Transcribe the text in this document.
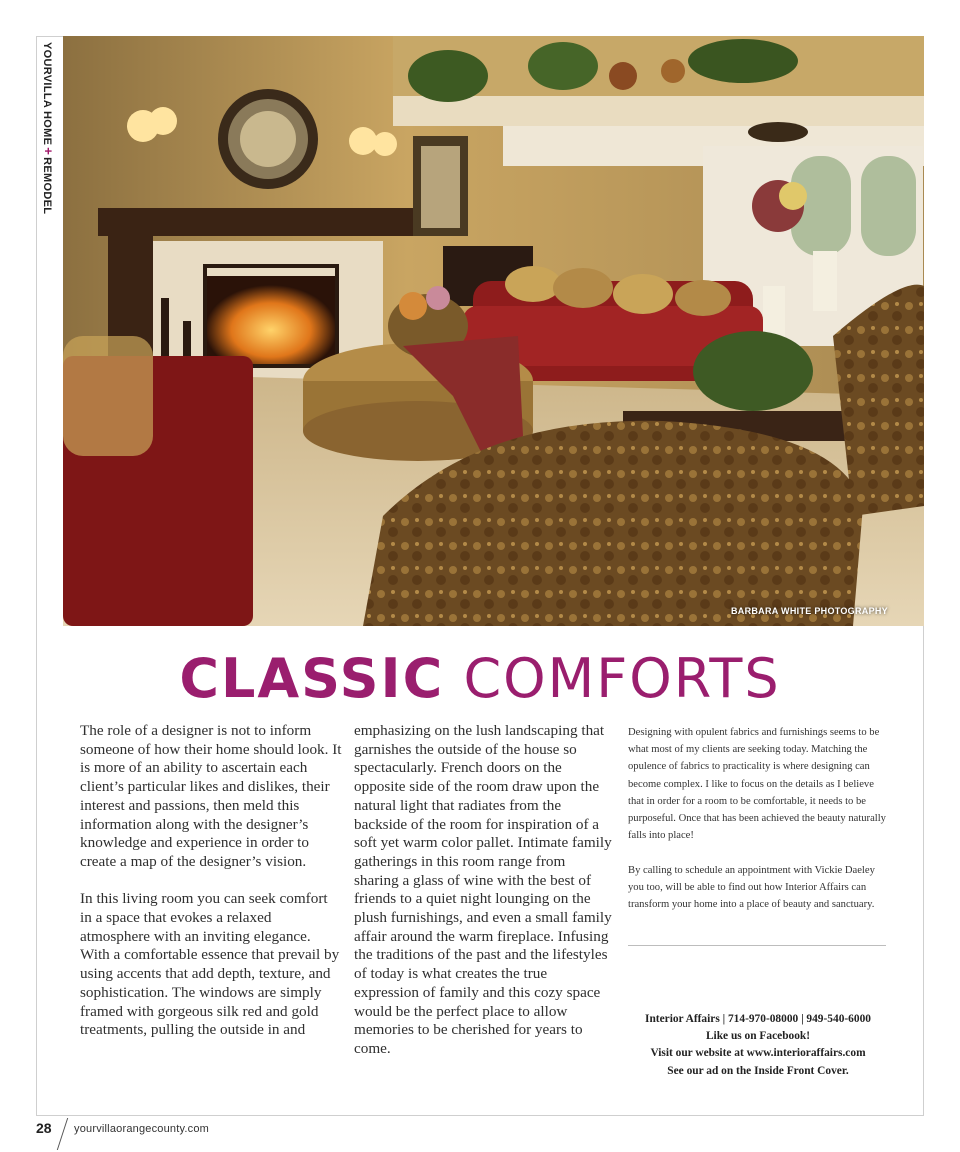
YOURVILLA HOME+REMODEL
BARBARA WHITE PHOTOGRAPHY
CLASSIC COMFORTS

The role of a designer is not to inform someone of how their home should look. It is more of an ability to ascertain each client’s particular likes and dislikes, their interest and passions, then meld this information along with the designer’s knowledge and experience in order to create a map of the designer’s vision.

In this living room you can seek comfort in a space that evokes a relaxed atmosphere with an inviting elegance. With a comfortable essence that prevail by using accents that add depth, texture, and sophistication. The windows are simply framed with gorgeous silk red and gold treatments, pulling the outside in and

emphasizing on the lush landscaping that garnishes the outside of the house so spectacularly. French doors on the opposite side of the room draw upon the natural light that radiates from the backside of the room for inspiration of a soft yet warm color pallet. Intimate family gatherings in this room range from sharing a glass of wine with the best of friends to a quiet night lounging on the plush furnishings, and even a small family affair around the warm fireplace. Infusing the traditions of the past and the lifestyles of today is what creates the true expression of family and this cozy space would be the perfect place to allow memories to be cherished for years to come.

Designing with opulent fabrics and furnishings seems to be what most of my clients are seeking today. Matching the opulence of fabrics to practicality is where designing can become complex. I like to focus on the details as I believe that in order for a room to be comfortable, it needs to be purposeful. Once that has been achieved the beauty naturally falls into place!

By calling to schedule an appointment with Vickie Daeley you too, will be able to find out how Interior Affairs can transform your home into a place of beauty and sanctuary.

Interior Affairs | 714-970-08000 | 949-540-6000
Like us on Facebook!
Visit our website at www.interioraffairs.com
See our ad on the Inside Front Cover.
28 yourvillaorangecounty.com
